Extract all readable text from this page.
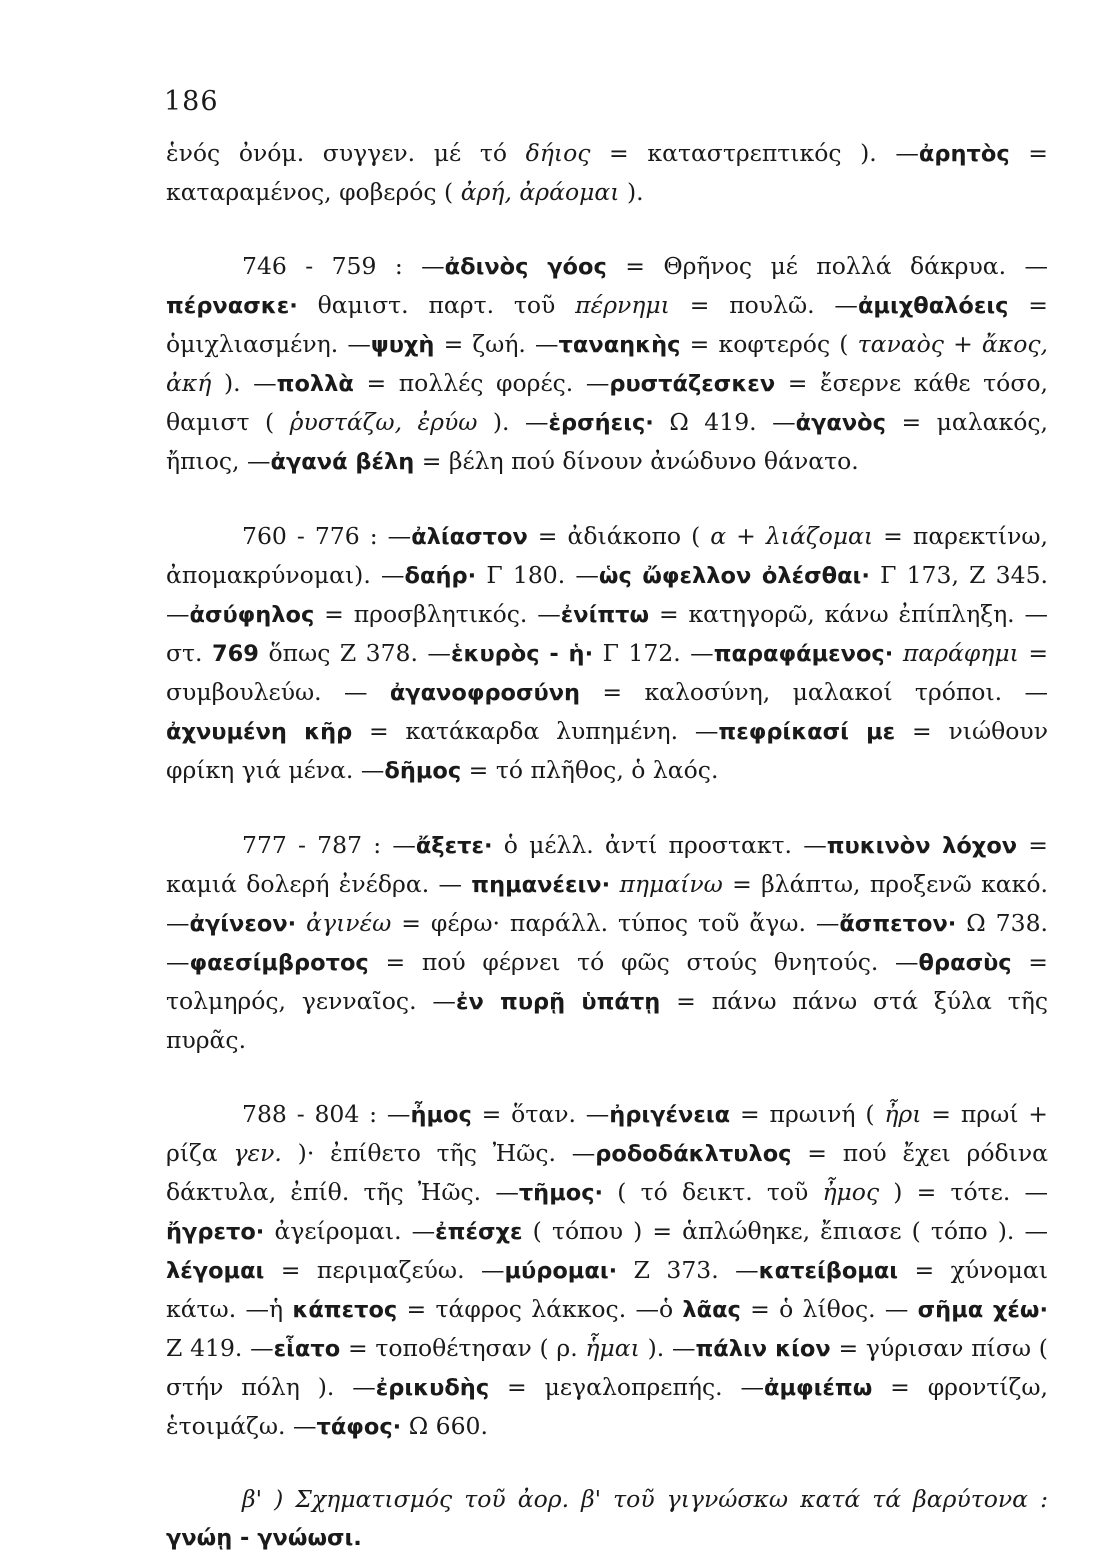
186

ἑνός ὀνόμ. συγγεν. μέ τό δήιος = καταστρεπτικός ). —ἀρητὸς = καταραμένος, φοβερός ( ἀρή, ἀράομαι ).

746 - 759 : —ἀδινὸς γόος = Θρῆνος μέ πολλά δάκρυα. —πέρνασκε· θαμιστ. παρτ. τοῦ πέρνημι = πουλῶ. —ἀμιχθαλόεις = ὁμιχλιασμένη. —ψυχὴ = ζωή. —ταναηκὴς = κοφτερός ( ταναὸς + ἄκος, ἀκή ). —πολλὰ = πολλές φορές. —ρυστάζεσκεν = ἔσερνε κάθε τόσο, θαμιστ ( ῥυστάζω, ἐρύω ). —ἑρσήεις· Ω 419. —ἀγανὸς = μαλακός, ἤπιος, —ἀγανά βέλη = βέλη πού δίνουν ἀνώδυνο θάνατο.

760 - 776 : —ἀλίαστον = ἀδιάκοπο ( α + λιάζομαι = παρεκτίνω, ἀπομακρύνομαι). —δαήρ· Γ 180. —ὡς ὤφελλον ὀλέσθαι· Γ 173, Ζ 345. —ἀσύφηλος = προσβλητικός. —ἐνίπτω = κατηγορῶ, κάνω ἐπίπληξη. —στ. 769 ὅπως Ζ 378. —ἑκυρὸς - ἡ· Γ 172. —παραφάμενος· παράφημι = συμβουλεύω. — ἀγανοφροσύνη = καλοσύνη, μαλακοί τρόποι. —ἀχνυμένη κῆρ = κατάκαρδα λυπημένη. —πεφρίκασί με = νιώθουν φρίκη γιά μένα. —δῆμος = τό πλῆθος, ὁ λαός.

777 - 787 : —ἄξετε· ὁ μέλλ. ἀντί προστακτ. —πυκινὸν λόχον = καμιά δολερή ἐνέδρα. — πημανέειν· πημαίνω = βλάπτω, προξενῶ κακό. —ἀγίνεον· ἀγινέω = φέρω· παράλλ. τύπος τοῦ ἄγω. —ἄσπετον· Ω 738. —φαεσίμβροτος = πού φέρνει τό φῶς στούς θνητούς. —θρασὺς = τολμηρός, γενναῖος. —ἐν πυρῇ ὑπάτῃ = πάνω πάνω στά ξύλα τῆς πυρᾶς.

788 - 804 : —ἦμος = ὅταν. —ἠριγένεια = πρωινή ( ἦρι = πρωί + ρίζα γεν. )· ἐπίθετο τῆς Ἠῶς. —ροδοδάκλτυλος = πού ἔχει ρόδινα δάκτυλα, ἐπίθ. τῆς Ἠῶς. —τῆμος· ( τό δεικτ. τοῦ ἦμος ) = τότε. —ἤγρετο· ἀγείρομαι. —ἐπέσχε ( τόπου ) = ἁπλώθηκε, ἔπιασε ( τόπο ). —λέγομαι = περιμαζεύω. —μύρομαι· Ζ 373. —κατείβομαι = χύνομαι κάτω. —ἡ κάπετος = τάφρος λάκκος. —ὁ λᾶας = ὁ λίθος. — σῆμα χέω· Ζ 419. —εἷατο = τοποθέτησαν ( ρ. ἧμαι ). —πάλιν κίον = γύρισαν πίσω ( στήν πόλη ). —ἐρικυδὴς = μεγαλοπρεπής. —ἀμφιέπω = φροντίζω, ἑτοιμάζω. —τάφος· Ω 660.

β' ) Σχηματισμός τοῦ ἀορ. β' τοῦ γιγνώσκω κατά τά βαρύτονα : γνώῃ - γνώωσι.
